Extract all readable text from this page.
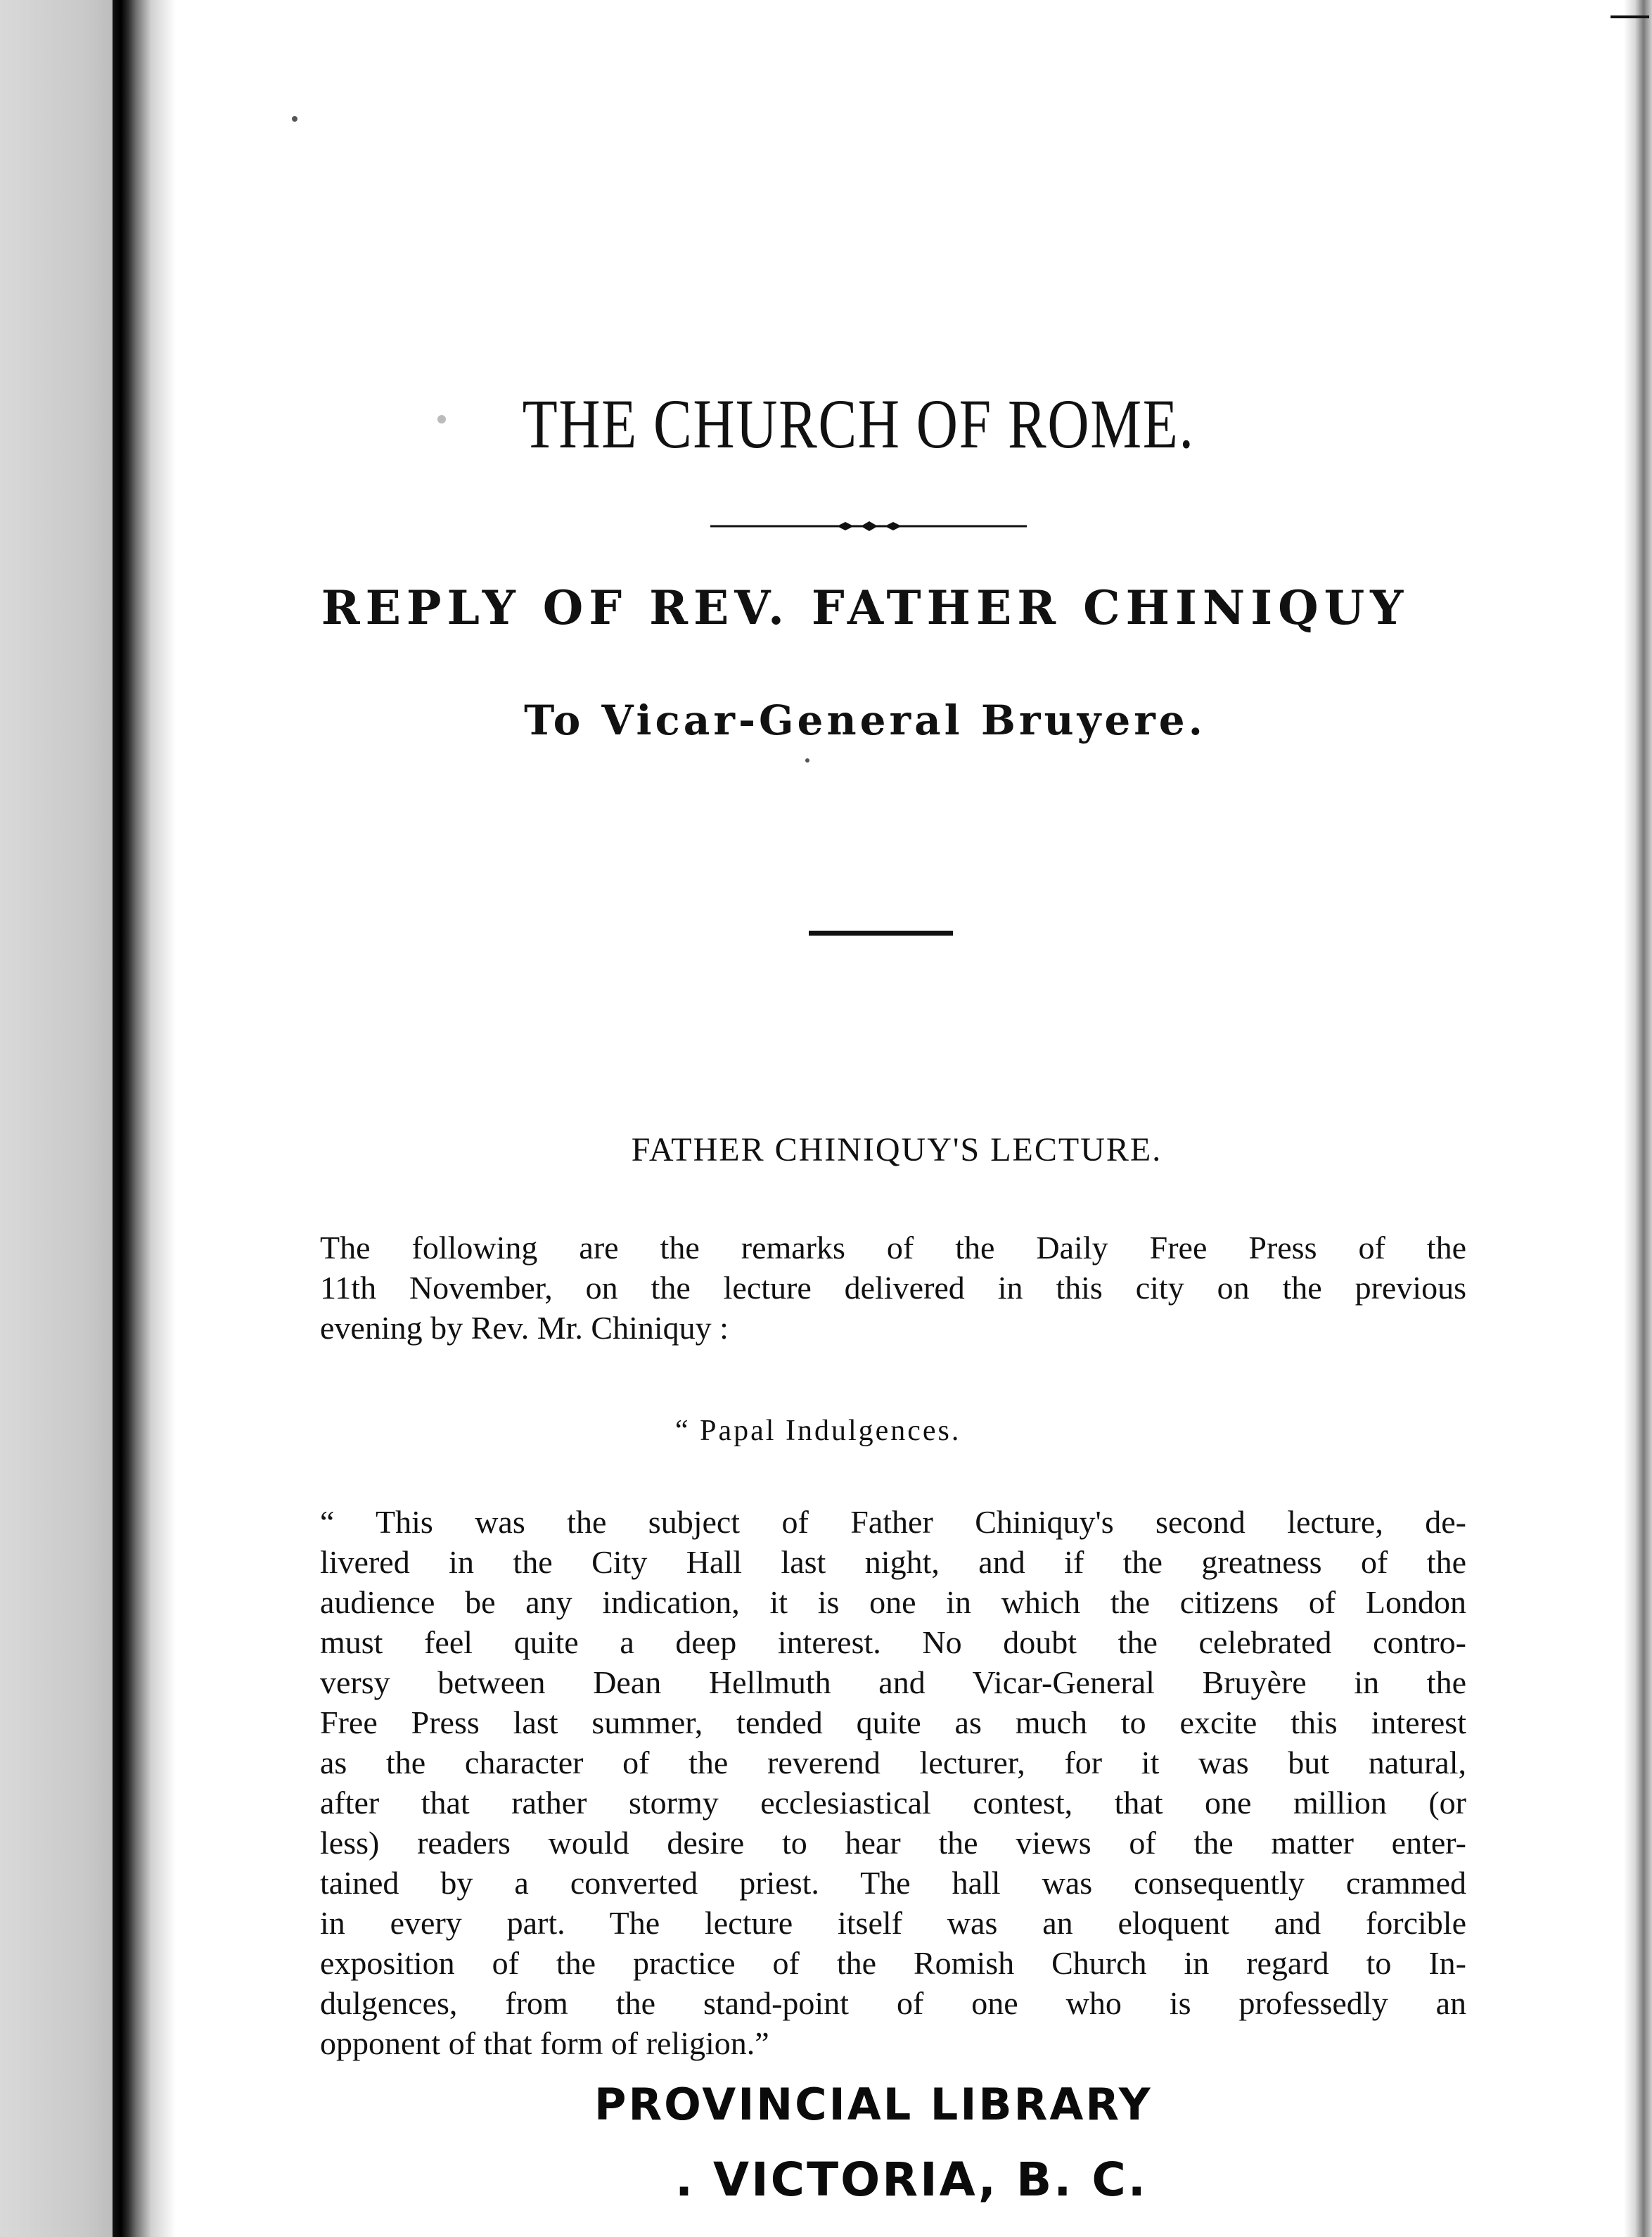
THE CHURCH OF ROME.
REPLY OF REV. FATHER CHINIQUY
To Vicar-General Bruyere.
FATHER CHINIQUY'S LECTURE.
The following are the remarks of the Daily Free Press of the
11th November, on the lecture delivered in this city on the previous
evening by Rev. Mr. Chiniquy :
“ Papal Indulgences.
“ This was the subject of Father Chiniquy's second lecture, de-
livered in the City Hall last night, and if the greatness of the
audience be any indication, it is one in which the citizens of London
must feel quite a deep interest. No doubt the celebrated contro-
versy between Dean Hellmuth and Vicar-General Bruyère in the
Free Press last summer, tended quite as much to excite this interest
as the character of the reverend lecturer, for it was but natural,
after that rather stormy ecclesiastical contest, that one million (or
less) readers would desire to hear the views of the matter enter-
tained by a converted priest. The hall was consequently crammed
in every part. The lecture itself was an eloquent and forcible
exposition of the practice of the Romish Church in regard to In-
dulgences, from the stand-point of one who is professedly an
opponent of that form of religion.”
PROVINCIAL LIBRARY
. VICTORIA, B. C.
